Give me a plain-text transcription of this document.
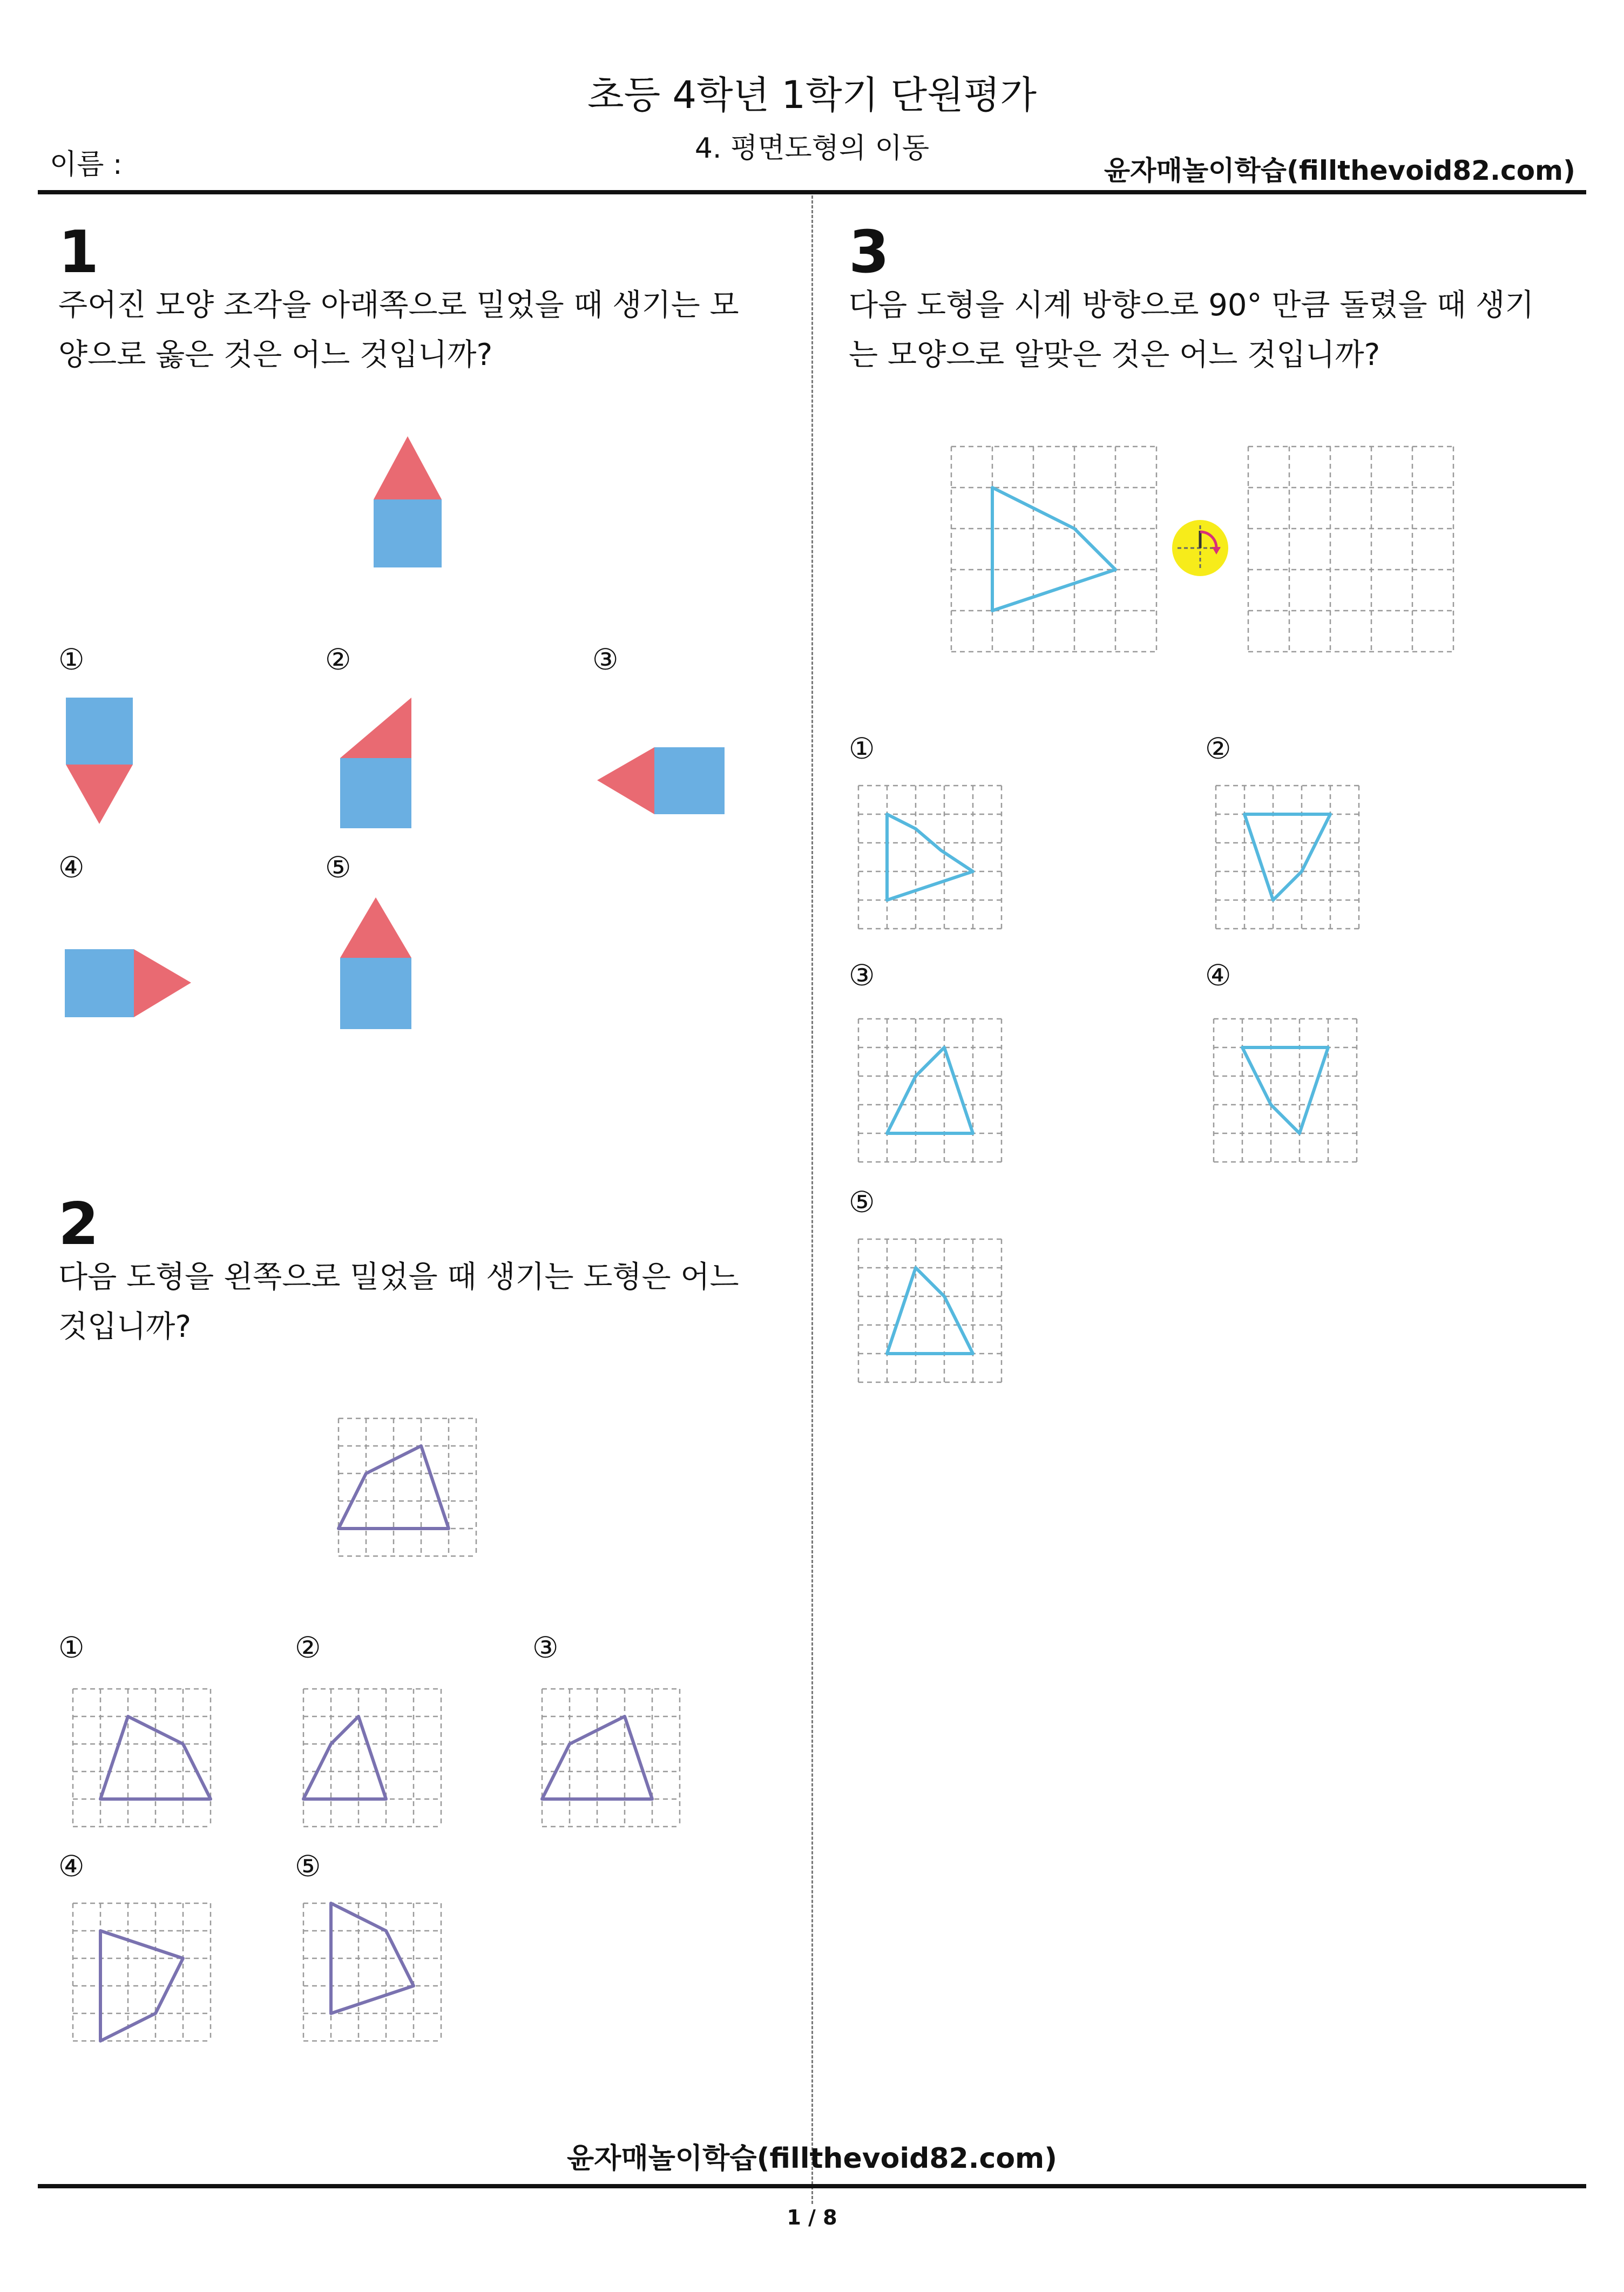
초등 4학년 1학기 단원평가
4. 평면도형의 이동
이름 :	윤자매놀이학습(fillthevoid82.com)
1
주어진 모양 조각을 아래쪽으로 밀었을 때 생기는 모
양으로 옳은 것은 어느 것입니까?
①	②	③
④	⑤
2
다음 도형을 왼쪽으로 밀었을 때 생기는 도형은 어느
것입니까?
①	②	③
④	⑤
3
다음 도형을 시계 방향으로 90° 만큼 돌렸을 때 생기
는 모양으로 알맞은 것은 어느 것입니까?
①	②
③	④
⑤
윤자매놀이학습(fillthevoid82.com)
1 / 8
